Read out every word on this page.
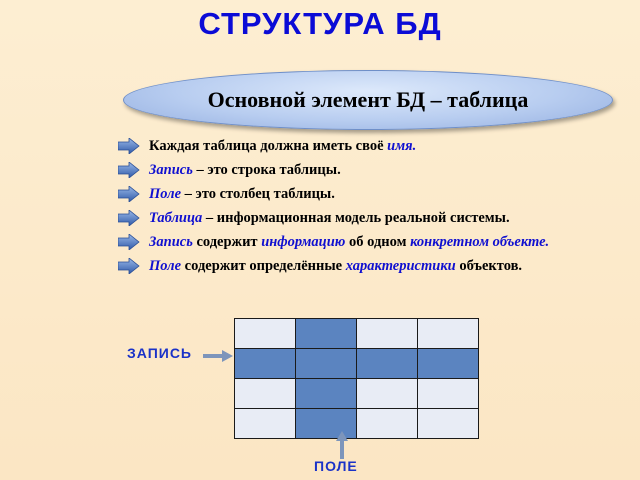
СТРУКТУРА БД
Основной элемент БД – таблица
Каждая таблица должна иметь своё имя.
Запись – это строка таблицы.
Поле – это столбец таблицы.
Таблица – информационная модель реальной системы.
Запись содержит информацию об одном конкретном объекте.
Поле содержит определённые характеристики объектов.

ЗАПИСЬ
ПОЛЕ
